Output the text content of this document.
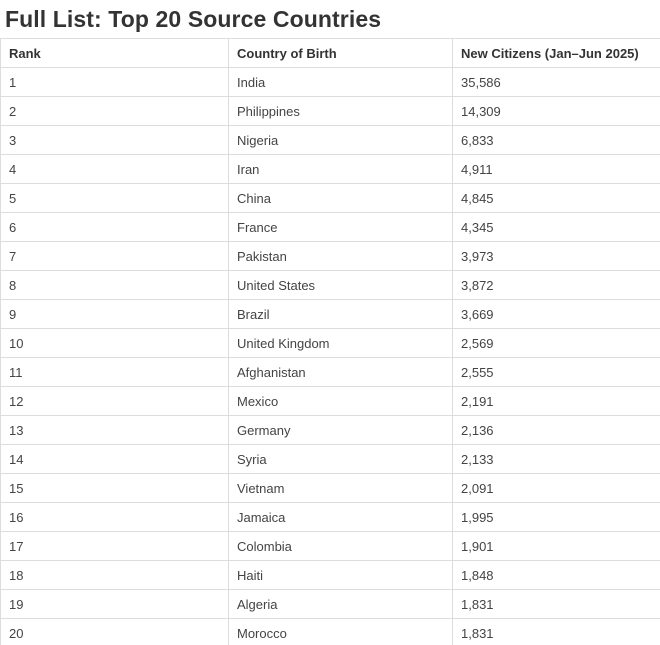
Full List: Top 20 Source Countries
Rank	Country of Birth	New Citizens (Jan–Jun 2025)
1	India	35,586
2	Philippines	14,309
3	Nigeria	6,833
4	Iran	4,911
5	China	4,845
6	France	4,345
7	Pakistan	3,973
8	United States	3,872
9	Brazil	3,669
10	United Kingdom	2,569
11	Afghanistan	2,555
12	Mexico	2,191
13	Germany	2,136
14	Syria	2,133
15	Vietnam	2,091
16	Jamaica	1,995
17	Colombia	1,901
18	Haiti	1,848
19	Algeria	1,831
20	Morocco	1,831
